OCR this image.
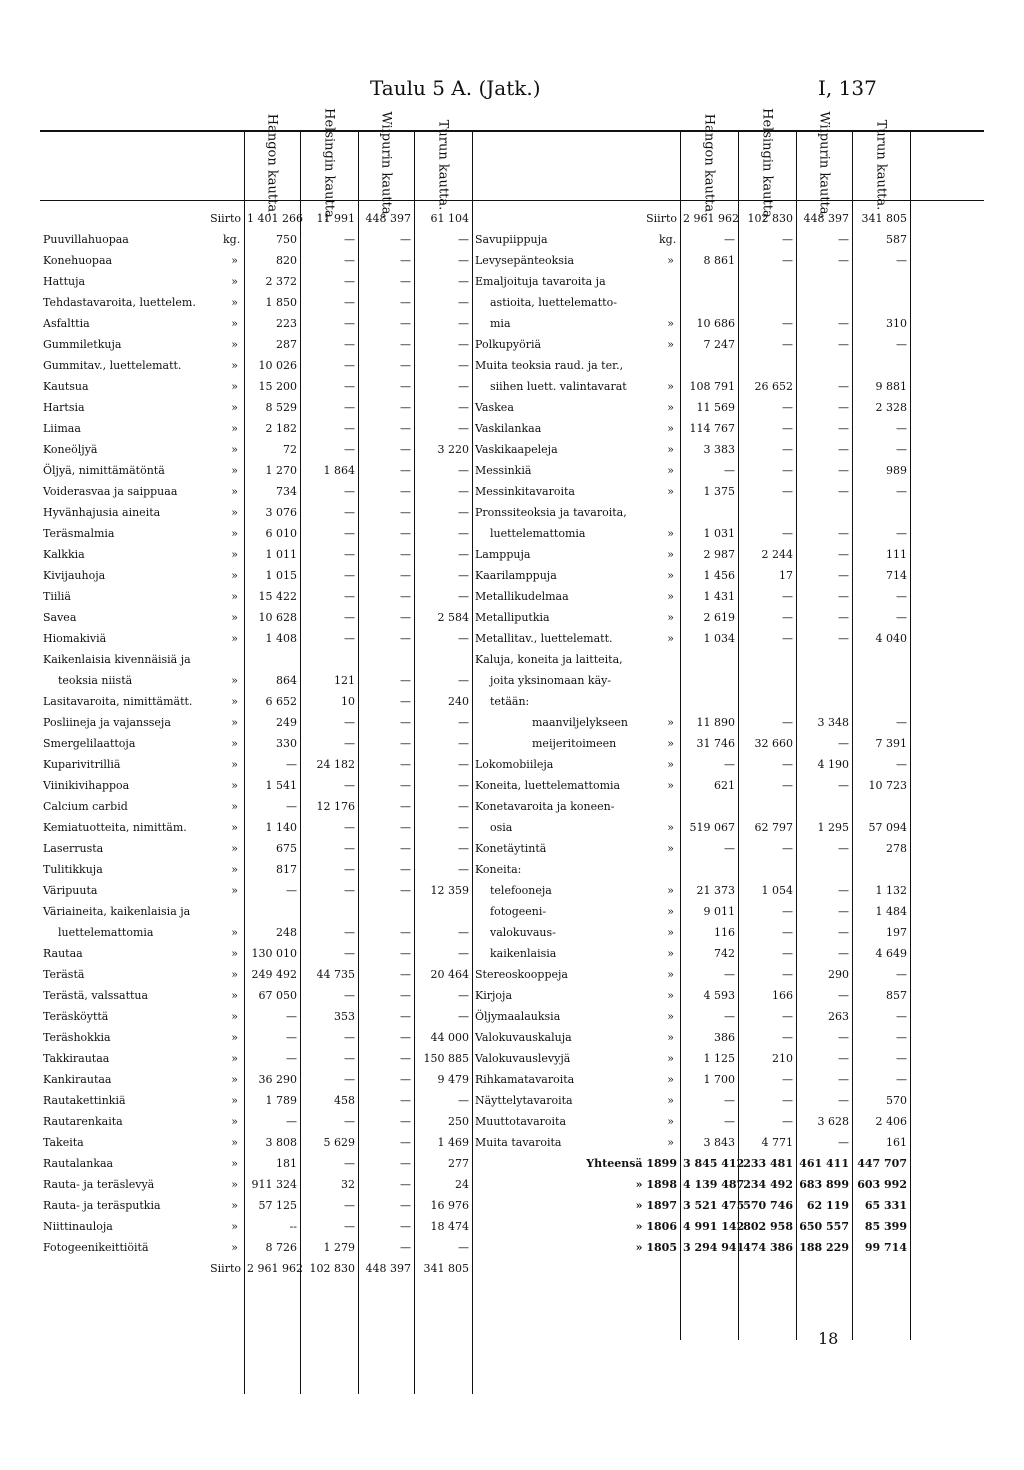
Taulu 5 A. (Jatk.)	I, 137
Hangon kautta.	Helsingin kautta.	Wiipurin kautta.	Turun kautta.
Siirto		1 401 266	11 991	448 397	61 104
Puuvillahuopaa	kg.	750	—	—	—
Konehuopaa	»	820	—	—	—
Hattuja	»	2 372	—	—	—
Tehdastavaroita, luettelem.	»	1 850	—	—	—
Asfalttia	»	223	—	—	—
Gummiletkuja	»	287	—	—	—
Gummitav., luettelematt.	»	10 026	—	—	—
Kautsua	»	15 200	—	—	—
Hartsia	»	8 529	—	—	—
Liimaa	»	2 182	—	—	—
Koneöljyä	»	72	—	—	3 220
Öljyä, nimittämätöntä	»	1 270	1 864	—	—
Voiderasvaa ja saippuaa	»	734	—	—	—
Hyvänhajusia aineita	»	3 076	—	—	—
Teräsmalmia	»	6 010	—	—	—
Kalkkia	»	1 011	—	—	—
Kivijauhoja	»	1 015	—	—	—
Tiiliä	»	15 422	—	—	—
Savea	»	10 628	—	—	2 584
Hiomakiviä	»	1 408	—	—	—
Kaikenlaisia kivennäisiä ja					
teoksia niistä	»	864	121	—	—
Lasitavaroita, nimittämätt.	»	6 652	10	—	240
Posliineja ja vajansseja	»	249	—	—	—
Smergelilaattoja	»	330	—	—	—
Kuparivitrilliä	»	—	24 182	—	—
Viinikivihappoa	»	1 541	—	—	—
Calcium carbid	»	—	12 176	—	—
Kemiatuotteita, nimittäm.	»	1 140	—	—	—
Laserrusta	»	675	—	—	—
Tulitikkuja	»	817	—	—	—
Väripuuta	»	—	—	—	12 359
Väriaineita, kaikenlaisia ja					
luettelemattomia	»	248	—	—	—
Rautaa	»	130 010	—	—	—
Terästä	»	249 492	44 735	—	20 464
Terästä, valssattua	»	67 050	—	—	—
Teräsköyttä	»	—	353	—	—
Teräshokkia	»	—	—	—	44 000
Takkirautaa	»	—	—	—	150 885
Kankirautaa	»	36 290	—	—	9 479
Rautakettinkiä	»	1 789	458	—	—
Rautarenkaita	»	—	—	—	250
Takeita	»	3 808	5 629	—	1 469
Rautalankaa	»	181	—	—	277
Rauta- ja teräslevyä	»	911 324	32	—	24
Rauta- ja teräsputkia	»	57 125	—	—	16 976
Niittinauloja	»	--	—	—	18 474
Fotogeenikeittiöitä	»	8 726	1 279	—	—
Siirto		2 961 962	102 830	448 397	341 805
Hangon kautta.	Helsingin kautta.	Wiipurin kautta.	Turun kautta.
Siirto		2 961 962	102 830	448 397	341 805
Savupiippuja	kg.	—	—	—	587
Levysepänteoksia	»	8 861	—	—	—
Emaljoituja tavaroita ja					
astioita, luettelematto-					
mia	»	10 686	—	—	310
Polkupyöriä	»	7 247	—	—	—
Muita teoksia raud. ja ter.,					
siihen luett. valintavarat	»	108 791	26 652	—	9 881
Vaskea	»	11 569	—	—	2 328
Vaskilankaa	»	114 767	—	—	—
Vaskikaapeleja	»	3 383	—	—	—
Messinkiä	»	—	—	—	989
Messinkitavaroita	»	1 375	—	—	—
Pronssiteoksia ja tavaroita,					
luettelemattomia	»	1 031	—	—	—
Lamppuja	»	2 987	2 244	—	111
Kaarilamppuja	»	1 456	17	—	714
Metallikudelmaa	»	1 431	—	—	—
Metalliputkia	»	2 619	—	—	—
Metallitav., luettelematt.	»	1 034	—	—	4 040
Kaluja, koneita ja laitteita,					
joita yksinomaan käy-					
tetään:					
maanviljelykseen	»	11 890	—	3 348	—
meijeritoimeen	»	31 746	32 660	—	7 391
Lokomobiileja	»	—	—	4 190	—
Koneita, luettelemattomia	»	621	—	—	10 723
Konetavaroita ja koneen-					
osia	»	519 067	62 797	1 295	57 094
Konetäytintä	»	—	—	—	278
Koneita:					
telefooneja	»	21 373	1 054	—	1 132
fotogeeni-	»	9 011	—	—	1 484
valokuvaus-	»	116	—	—	197
kaikenlaisia	»	742	—	—	4 649
Stereoskooppeja	»	—	—	290	—
Kirjoja	»	4 593	166	—	857
Öljymaalauksia	»	—	—	263	—
Valokuvauskaluja	»	386	—	—	—
Valokuvauslevyjä	»	1 125	210	—	—
Rihkamatavaroita	»	1 700	—	—	—
Näyttelytavaroita	»	—	—	—	570
Muuttotavaroita	»	—	—	3 628	2 406
Muita tavaroita	»	3 843	4 771	—	161
Yhteensä 1899		3 845 412	233 481	461 411	447 707
» 1898		4 139 487	234 492	683 899	603 992
» 1897		3 521 475	570 746	62 119	65 331
» 1806		4 991 142	802 958	650 557	85 399
» 1805		3 294 941	474 386	188 229	99 714
18
